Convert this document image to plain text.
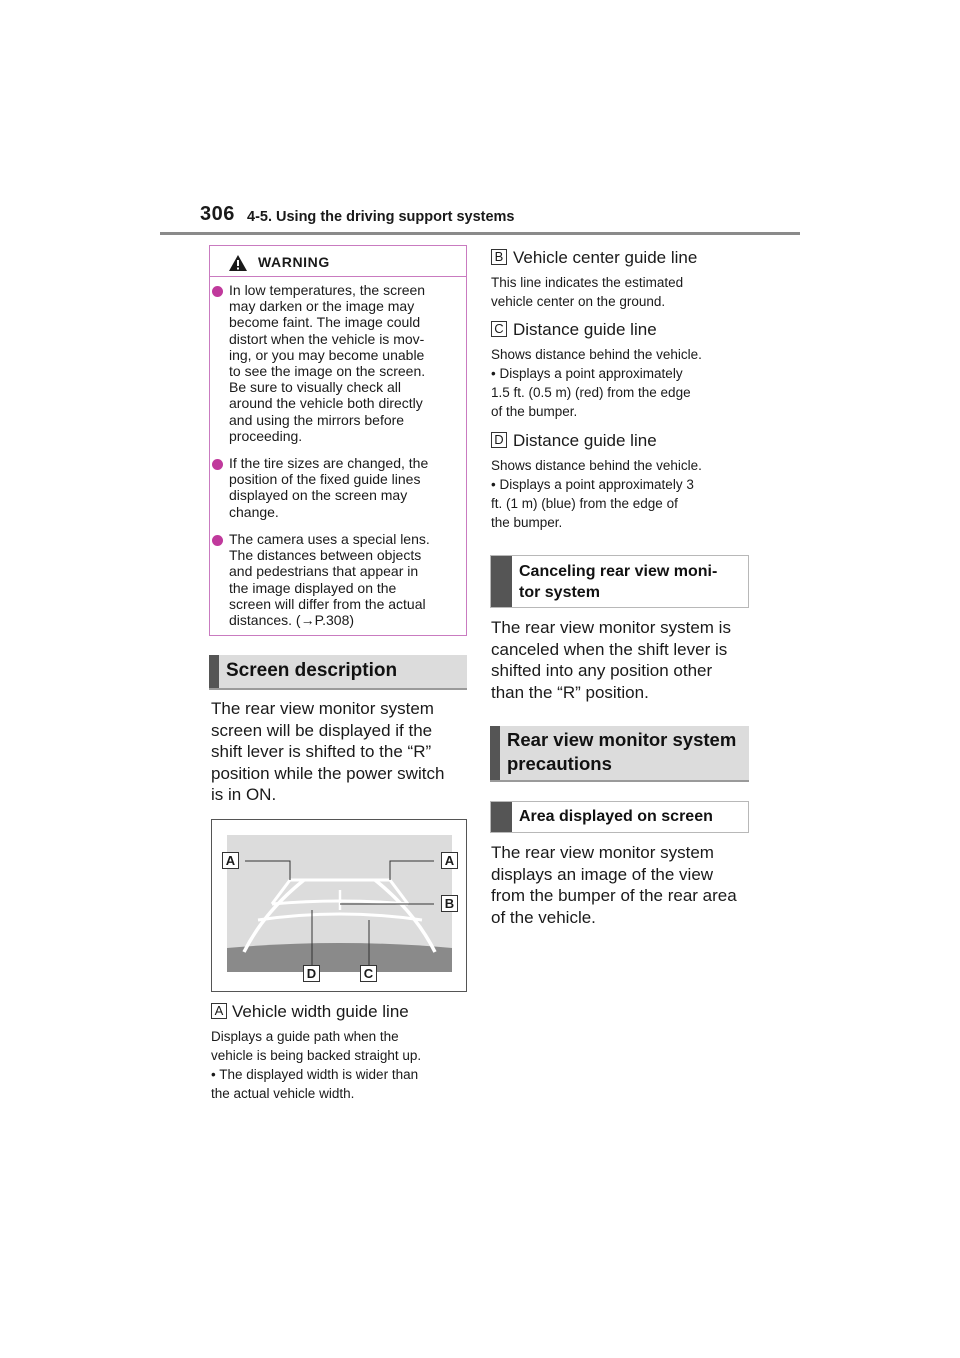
306 4-5. Using the driving support systems
WARNING
In low temperatures, the screen
may darken or the image may
become faint. The image could
distort when the vehicle is mov-
ing, or you may become unable
to see the image on the screen.
Be sure to visually check all
around the vehicle both directly
and using the mirrors before
proceeding.
If the tire sizes are changed, the
position of the fixed guide lines
displayed on the screen may
change.
The camera uses a special lens.
The distances between objects
and pedestrians that appear in
the image displayed on the
screen will differ from the actual
distances. (→P.308)
Screen description
The rear view monitor system
screen will be displayed if the
shift lever is shifted to the “R”
position while the power switch
is in ON.
A	A
B
D	C
A Vehicle width guide line
Displays a guide path when the
vehicle is being backed straight up.
• The displayed width is wider than
the actual vehicle width.
B Vehicle center guide line
This line indicates the estimated
vehicle center on the ground.
C Distance guide line
Shows distance behind the vehicle.
• Displays a point approximately
1.5 ft. (0.5 m) (red) from the edge
of the bumper.
D Distance guide line
Shows distance behind the vehicle.
• Displays a point approximately 3
ft. (1 m) (blue) from the edge of
the bumper.
Canceling rear view moni-
tor system
The rear view monitor system is
canceled when the shift lever is
shifted into any position other
than the “R” position.
Rear view monitor system
precautions
Area displayed on screen
The rear view monitor system
displays an image of the view
from the bumper of the rear area
of the vehicle.
